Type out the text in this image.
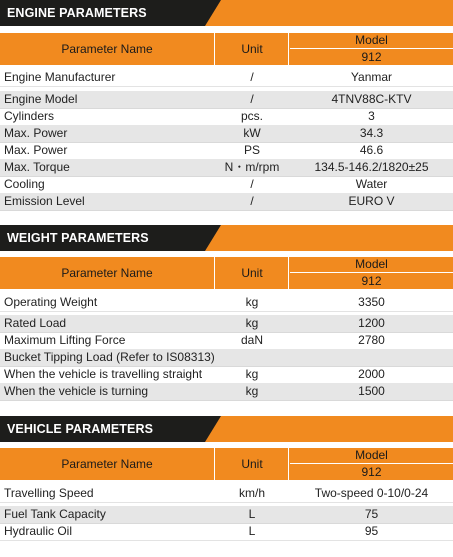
ENGINE PARAMETERS
Parameter Name	Unit
Model
912
Engine Manufacturer	/	Yanmar
Engine Model	/	4TNV88C-KTV
Cylinders	pcs.	3
Max. Power	kW	34.3
Max. Power	PS	46.6
Max. Torque	N・m/rpm	134.5-146.2/1820±25
Cooling	/	Water
Emission Level	/	EURO V
WEIGHT PARAMETERS
Parameter Name	Unit
Model
912
Operating Weight	kg	3350
Rated Load	kg	1200
Maximum Lifting Force	daN	2780
Bucket Tipping Load (Refer to IS08313)
When the vehicle is travelling straight	kg	2000
When the vehicle is turning	kg	1500
VEHICLE PARAMETERS
Parameter Name	Unit
Model
912
Travelling Speed	km/h	Two-speed 0-10/0-24
Fuel Tank Capacity	L	75
Hydraulic Oil	L	95
